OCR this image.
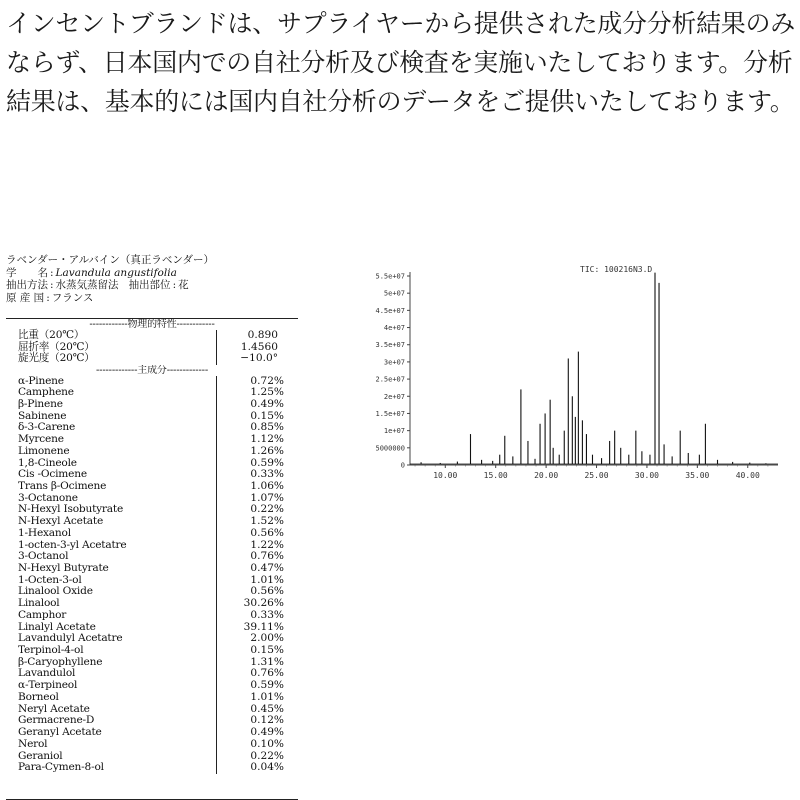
インセントブランドは、サプライヤーから提供された成分分析結果のみならず、日本国内での自社分析及び検査を実施いたしております。分析結果は、基本的には国内自社分析のデータをご提供いたしております。

ラベンダー・アルバイン（真正ラベンダー）
学　　名 : Lavandula angustifolia
抽出方法 : 水蒸気蒸留法 抽出部位 : 花
原 産 国 : フランス
------------物理的特性------------
比重（20℃）	0.890
屈折率（20℃）	1.4560
旋光度（20℃）	−10.0°
-------------主成分-------------
α-Pinene	0.72%
Camphene	1.25%
β-Pinene	0.49%
Sabinene	0.15%
δ-3-Carene	0.85%
Myrcene	1.12%
Limonene	1.26%
1,8-Cineole	0.59%
Cis -Ocimene	0.33%
Trans β-Ocimene	1.06%
3-Octanone	1.07%
N-Hexyl Isobutyrate	0.22%
N-Hexyl Acetate	1.52%
1-Hexanol	0.56%
1-octen-3-yl Acetatre	1.22%
3-Octanol	0.76%
N-Hexyl Butyrate	0.47%
1-Octen-3-ol	1.01%
Linalool Oxide	0.56%
Linalool	30.26%
Camphor	0.33%
Linalyl Acetate	39.11%
Lavandulyl Acetatre	2.00%
Terpinol-4-ol	0.15%
β-Caryophyllene	1.31%
Lavandulol	0.76%
α-Terpineol	0.59%
Borneol	1.01%
Neryl Acetate	0.45%
Germacrene-D	0.12%
Geranyl Acetate	0.49%
Nerol	0.10%
Geraniol	0.22%
Para-Cymen-8-ol	0.04%
TIC: 100216N3.D
5.5e+07
5e+07
4.5e+07
4e+07
3.5e+07
3e+07
2.5e+07
2e+07
1.5e+07
1e+07
5000000
0
10.00	15.00	20.00	25.00	30.00	35.00	40.00
